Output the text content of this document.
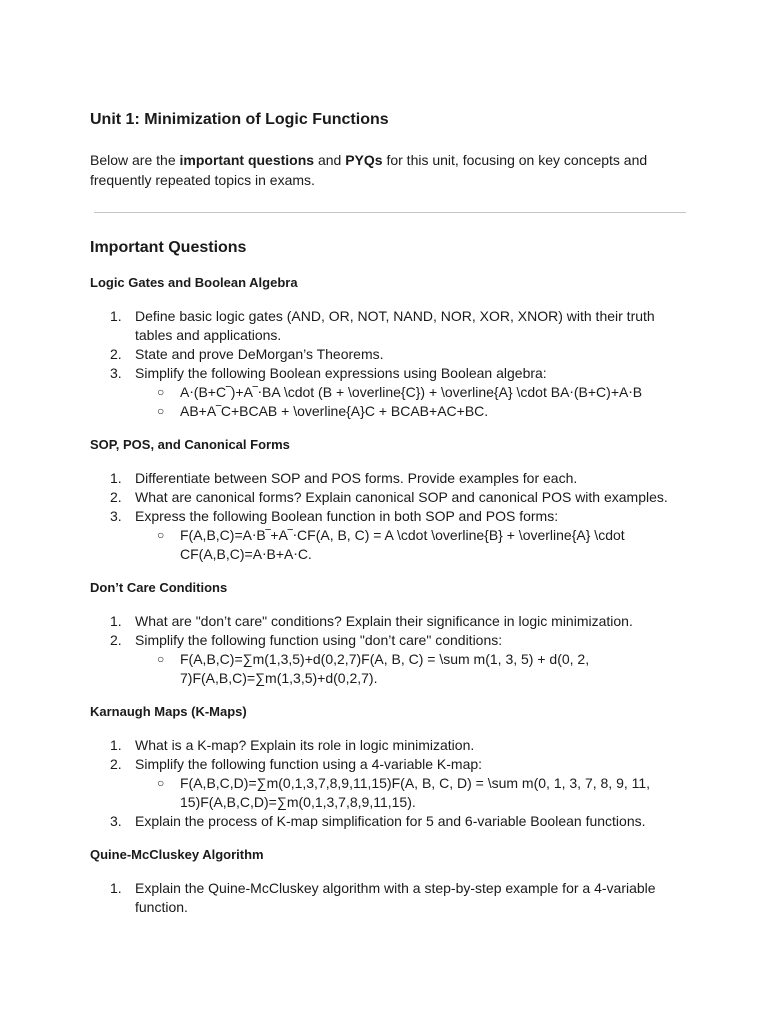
Unit 1: Minimization of Logic Functions

Below are the important questions and PYQs for this unit, focusing on key concepts and frequently repeated topics in exams.

Important Questions
Logic Gates and Boolean Algebra
1. Define basic logic gates (AND, OR, NOT, NAND, NOR, XOR, XNOR) with their truth tables and applications.
2. State and prove DeMorgan’s Theorems.
3. Simplify the following Boolean expressions using Boolean algebra:
○ A⋅(B+C‾)+A‾⋅BA \cdot (B + \overline{C}) + \overline{A} \cdot BA⋅(B+C)+A⋅B
○ AB+A‾C+BCAB + \overline{A}C + BCAB+AC+BC.
SOP, POS, and Canonical Forms
1. Differentiate between SOP and POS forms. Provide examples for each.
2. What are canonical forms? Explain canonical SOP and canonical POS with examples.
3. Express the following Boolean function in both SOP and POS forms:
○ F(A,B,C)=A⋅B‾+A‾⋅CF(A, B, C) = A \cdot \overline{B} + \overline{A} \cdot CF(A,B,C)=A⋅B+A⋅C.
Don’t Care Conditions
1. What are "don’t care" conditions? Explain their significance in logic minimization.
2. Simplify the following function using "don’t care" conditions:
○ F(A,B,C)=∑m(1,3,5)+d(0,2,7)F(A, B, C) = \sum m(1, 3, 5) + d(0, 2, 7)F(A,B,C)=∑m(1,3,5)+d(0,2,7).
Karnaugh Maps (K-Maps)
1. What is a K-map? Explain its role in logic minimization.
2. Simplify the following function using a 4-variable K-map:
○ F(A,B,C,D)=∑m(0,1,3,7,8,9,11,15)F(A, B, C, D) = \sum m(0, 1, 3, 7, 8, 9, 11, 15)F(A,B,C,D)=∑m(0,1,3,7,8,9,11,15).
3. Explain the process of K-map simplification for 5 and 6-variable Boolean functions.
Quine-McCluskey Algorithm
1. Explain the Quine-McCluskey algorithm with a step-by-step example for a 4-variable function.
